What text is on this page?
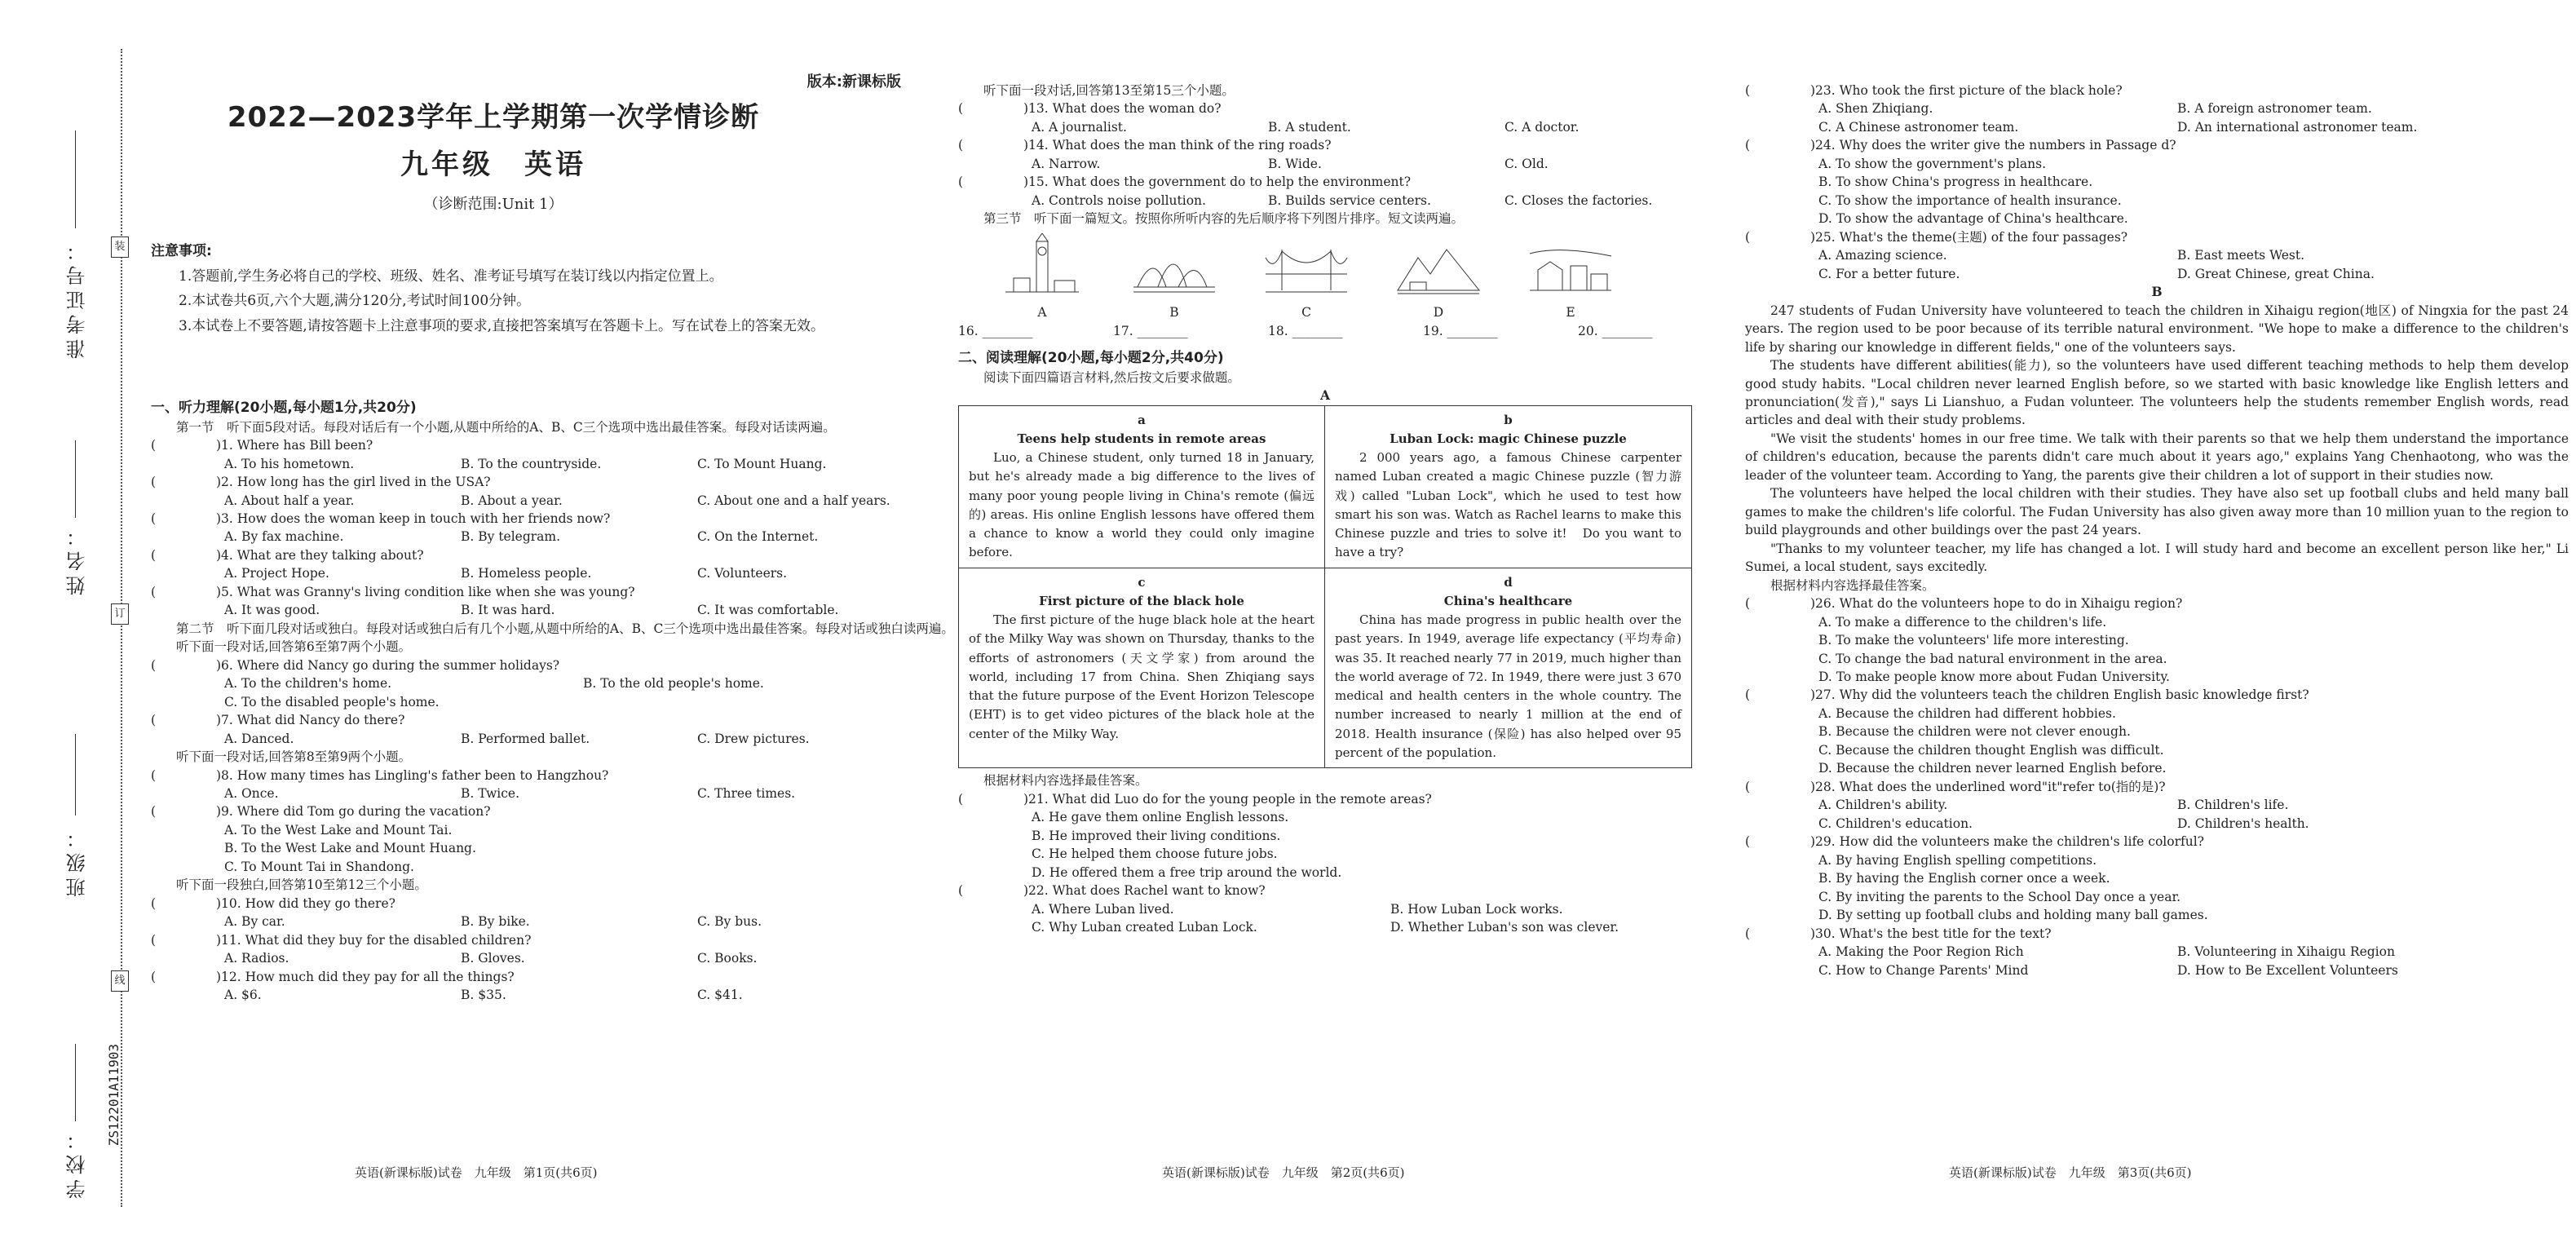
装
订
线
准考证号：
姓名：
班级：
学校：
ZS12201A11903
版本:新课标版
2022—2023学年上学期第一次学情诊断
九年级　英语
（诊断范围:Unit 1）
注意事项:
1.答题前,学生务必将自己的学校、班级、姓名、准考证号填写在装订线以内指定位置上。
2.本试卷共6页,六个大题,满分120分,考试时间100分钟。
3.本试卷上不要答题,请按答题卡上注意事项的要求,直接把答案填写在答题卡上。写在试卷上的答案无效。
一、听力理解(20小题,每小题1分,共20分)
第一节　听下面5段对话。每段对话后有一个小题,从题中所给的A、B、C三个选项中选出最佳答案。每段对话读两遍。
(	)1. Where has Bill been?
A. To his hometown.	B. To the countryside.	C. To Mount Huang.
(	)2. How long has the girl lived in the USA?
A. About half a year.	B. About a year.	C. About one and a half years.
(	)3. How does the woman keep in touch with her friends now?
A. By fax machine.	B. By telegram.	C. On the Internet.
(	)4. What are they talking about?
A. Project Hope.	B. Homeless people.	C. Volunteers.
(	)5. What was Granny's living condition like when she was young?
A. It was good.	B. It was hard.	C. It was comfortable.
第二节　听下面几段对话或独白。每段对话或独白后有几个小题,从题中所给的A、B、C三个选项中选出最佳答案。每段对话或独白读两遍。
听下面一段对话,回答第6至第7两个小题。
(	)6. Where did Nancy go during the summer holidays?
A. To the children's home.	B. To the old people's home.
C. To the disabled people's home.
(	)7. What did Nancy do there?
A. Danced.	B. Performed ballet.	C. Drew pictures.
听下面一段对话,回答第8至第9两个小题。
(	)8. How many times has Lingling's father been to Hangzhou?
A. Once.	B. Twice.	C. Three times.
(	)9. Where did Tom go during the vacation?
A. To the West Lake and Mount Tai.
B. To the West Lake and Mount Huang.
C. To Mount Tai in Shandong.
听下面一段独白,回答第10至第12三个小题。
(	)10. How did they go there?
A. By car.	B. By bike.	C. By bus.
(	)11. What did they buy for the disabled children?
A. Radios.	B. Gloves.	C. Books.
(	)12. How much did they pay for all the things?
A. $6.	B. $35.	C. $41.
英语(新课标版)试卷　九年级　第1页(共6页)
听下面一段对话,回答第13至第15三个小题。
(	)13. What does the woman do?
A. A journalist.	B. A student.	C. A doctor.
(	)14. What does the man think of the ring roads?
A. Narrow.	B. Wide.	C. Old.
(	)15. What does the government do to help the environment?
A. Controls noise pollution.	B. Builds service centers.	C. Closes the factories.
第三节　听下面一篇短文。按照你所听内容的先后顺序将下列图片排序。短文读两遍。
A	B	C	D	E
16. ________	17. ________	18. ________	19. ________	20. ________
二、阅读理解(20小题,每小题2分,共40分)
阅读下面四篇语言材料,然后按文后要求做题。
A
a
Teens help students in remote areas
Luo, a Chinese student, only turned 18 in January, but he's already made a big difference to the lives of many poor young people living in China's remote (偏远的) areas. His online English lessons have offered them a chance to know a world they could only imagine before.
b
Luban Lock: magic Chinese puzzle
2 000 years ago, a famous Chinese carpenter named Luban created a magic Chinese puzzle (智力游戏) called "Luban Lock", which he used to test how smart his son was. Watch as Rachel learns to make this Chinese puzzle and tries to solve it!　Do you want to have a try?
c
First picture of the black hole
The first picture of the huge black hole at the heart of the Milky Way was shown on Thursday, thanks to the efforts of astronomers (天文学家) from around the world, including 17 from China. Shen Zhiqiang says that the future purpose of the Event Horizon Telescope (EHT) is to get video pictures of the black hole at the center of the Milky Way.
d
China's healthcare
China has made progress in public health over the past years. In 1949, average life expectancy (平均寿命) was 35. It reached nearly 77 in 2019, much higher than the world average of 72. In 1949, there were just 3 670 medical and health centers in the whole country. The number increased to nearly 1 million at the end of 2018. Health insurance (保险) has also helped over 95 percent of the population.
根据材料内容选择最佳答案。
(	)21. What did Luo do for the young people in the remote areas?
A. He gave them online English lessons.
B. He improved their living conditions.
C. He helped them choose future jobs.
D. He offered them a free trip around the world.
(	)22. What does Rachel want to know?
A. Where Luban lived.	B. How Luban Lock works.
C. Why Luban created Luban Lock.	D. Whether Luban's son was clever.
英语(新课标版)试卷　九年级　第2页(共6页)
(	)23. Who took the first picture of the black hole?
A. Shen Zhiqiang.	B. A foreign astronomer team.
C. A Chinese astronomer team.	D. An international astronomer team.
(	)24. Why does the writer give the numbers in Passage d?
A. To show the government's plans.
B. To show China's progress in healthcare.
C. To show the importance of health insurance.
D. To show the advantage of China's healthcare.
(	)25. What's the theme(主题) of the four passages?
A. Amazing science.	B. East meets West.
C. For a better future.	D. Great Chinese, great China.
B

247 students of Fudan University have volunteered to teach the children in Xihaigu region(地区) of Ningxia for the past 24 years. The region used to be poor because of its terrible natural environment. "We hope to make a difference to the children's life by sharing our knowledge in different fields," one of the volunteers says.

The students have different abilities(能力), so the volunteers have used different teaching methods to help them develop good study habits. "Local children never learned English before, so we started with basic knowledge like English letters and pronunciation(发音)," says Li Lianshuo, a Fudan volunteer. The volunteers help the students remember English words, read articles and deal with their study problems.

"We visit the students' homes in our free time. We talk with their parents so that we help them understand the importance of children's education, because the parents didn't care much about it years ago," explains Yang Chenhaotong, who was the leader of the volunteer team. According to Yang, the parents give their children a lot of support in their studies now.

The volunteers have helped the local children with their studies. They have also set up football clubs and held many ball games to make the children's life colorful. The Fudan University has also given away more than 10 million yuan to the region to build playgrounds and other buildings over the past 24 years.

"Thanks to my volunteer teacher, my life has changed a lot. I will study hard and become an excellent person like her," Li Sumei, a local student, says excitedly.

根据材料内容选择最佳答案。
(	)26. What do the volunteers hope to do in Xihaigu region?
A. To make a difference to the children's life.
B. To make the volunteers' life more interesting.
C. To change the bad natural environment in the area.
D. To make people know more about Fudan University.
(	)27. Why did the volunteers teach the children English basic knowledge first?
A. Because the children had different hobbies.
B. Because the children were not clever enough.
C. Because the children thought English was difficult.
D. Because the children never learned English before.
(	)28. What does the underlined word"it"refer to(指的是)?
A. Children's ability.	B. Children's life.
C. Children's education.	D. Children's health.
(	)29. How did the volunteers make the children's life colorful?
A. By having English spelling competitions.
B. By having the English corner once a week.
C. By inviting the parents to the School Day once a year.
D. By setting up football clubs and holding many ball games.
(	)30. What's the best title for the text?
A. Making the Poor Region Rich	B. Volunteering in Xihaigu Region
C. How to Change Parents' Mind	D. How to Be Excellent Volunteers
英语(新课标版)试卷　九年级　第3页(共6页)
